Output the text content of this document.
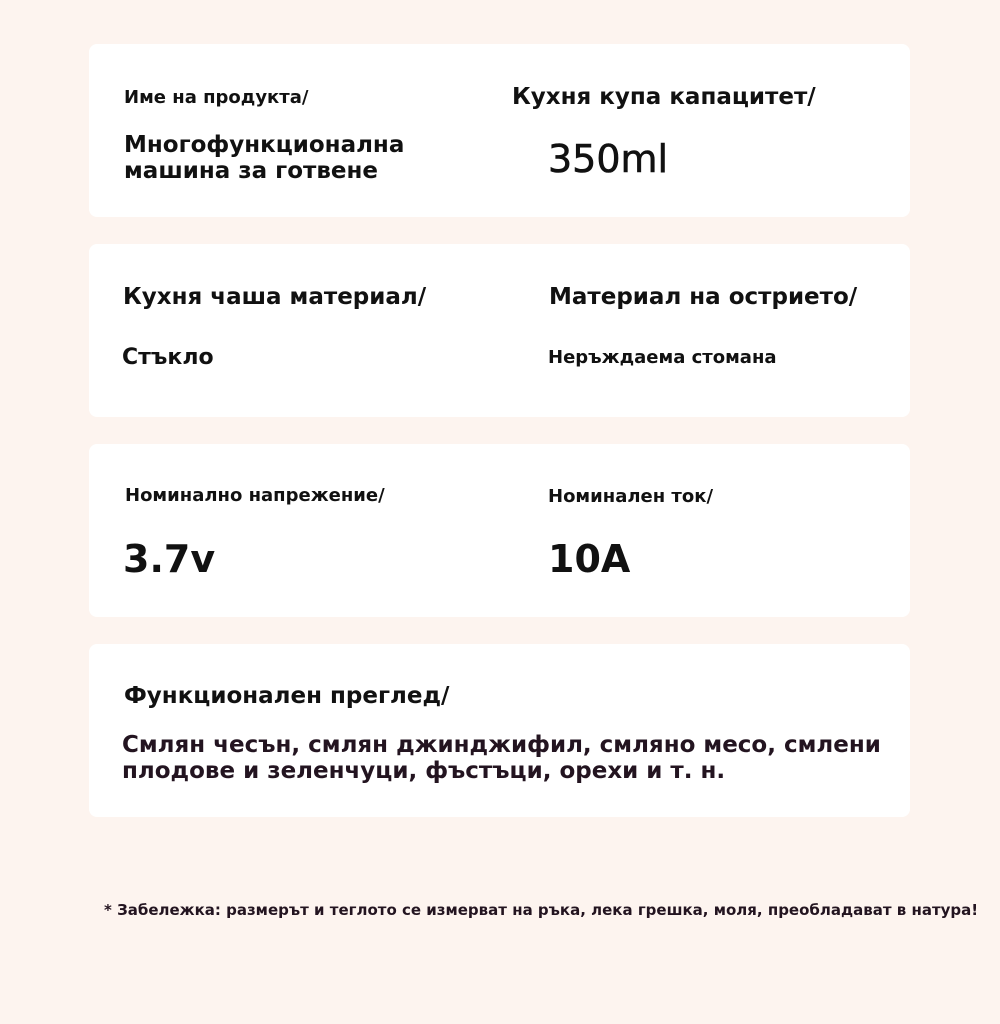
Име на продукта/

Многофункционална машина за готвене

Кухня купа капацитет/

350ml

Кухня чаша материал/

Стъкло

Материал на острието/

Неръждаема стомана

Номинално напрежение/

3.7v

Номинален ток/

10A

Функционален преглед/

Смлян чесън, смлян джинджифил, смляно месо, смлени плодове и зеленчуци, фъстъци, орехи и т. н.

* Забележка: размерът и теглото се измерват на ръка, лека грешка, моля, преобладават в натура!
